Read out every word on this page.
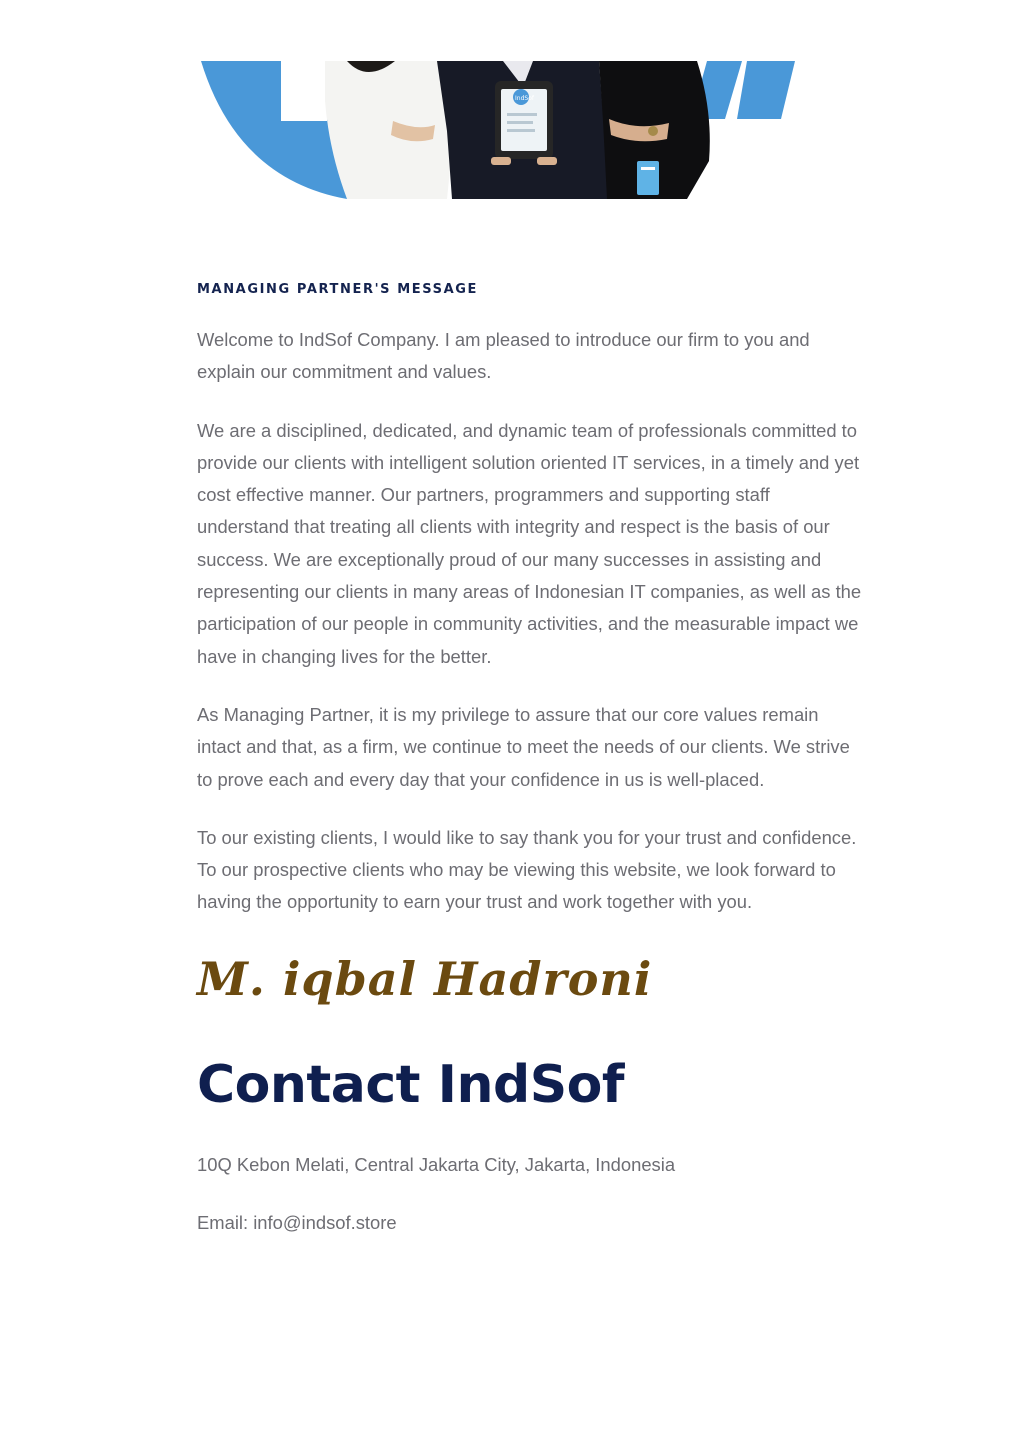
IndSof
MANAGING PARTNER'S MESSAGE

Welcome to IndSof Company. I am pleased to introduce our firm to you and explain our commitment and values.

We are a disciplined, dedicated, and dynamic team of professionals committed to provide our clients with intelligent solution oriented IT services, in a timely and yet cost effective manner. Our partners, programmers and supporting staff understand that treating all clients with integrity and respect is the basis of our success. We are exceptionally proud of our many successes in assisting and representing our clients in many areas of Indonesian IT companies, as well as the participation of our people in community activities, and the measurable impact we have in changing lives for the better.

As Managing Partner, it is my privilege to assure that our core values remain intact and that, as a firm, we continue to meet the needs of our clients. We strive to prove each and every day that your confidence in us is well-placed.

To our existing clients, I would like to say thank you for your trust and confidence. To our prospective clients who may be viewing this website, we look forward to having the opportunity to earn your trust and work together with you.

M. iqbal Hadroni
Contact IndSof

10Q Kebon Melati, Central Jakarta City, Jakarta, Indonesia

Email: info@indsof.store
